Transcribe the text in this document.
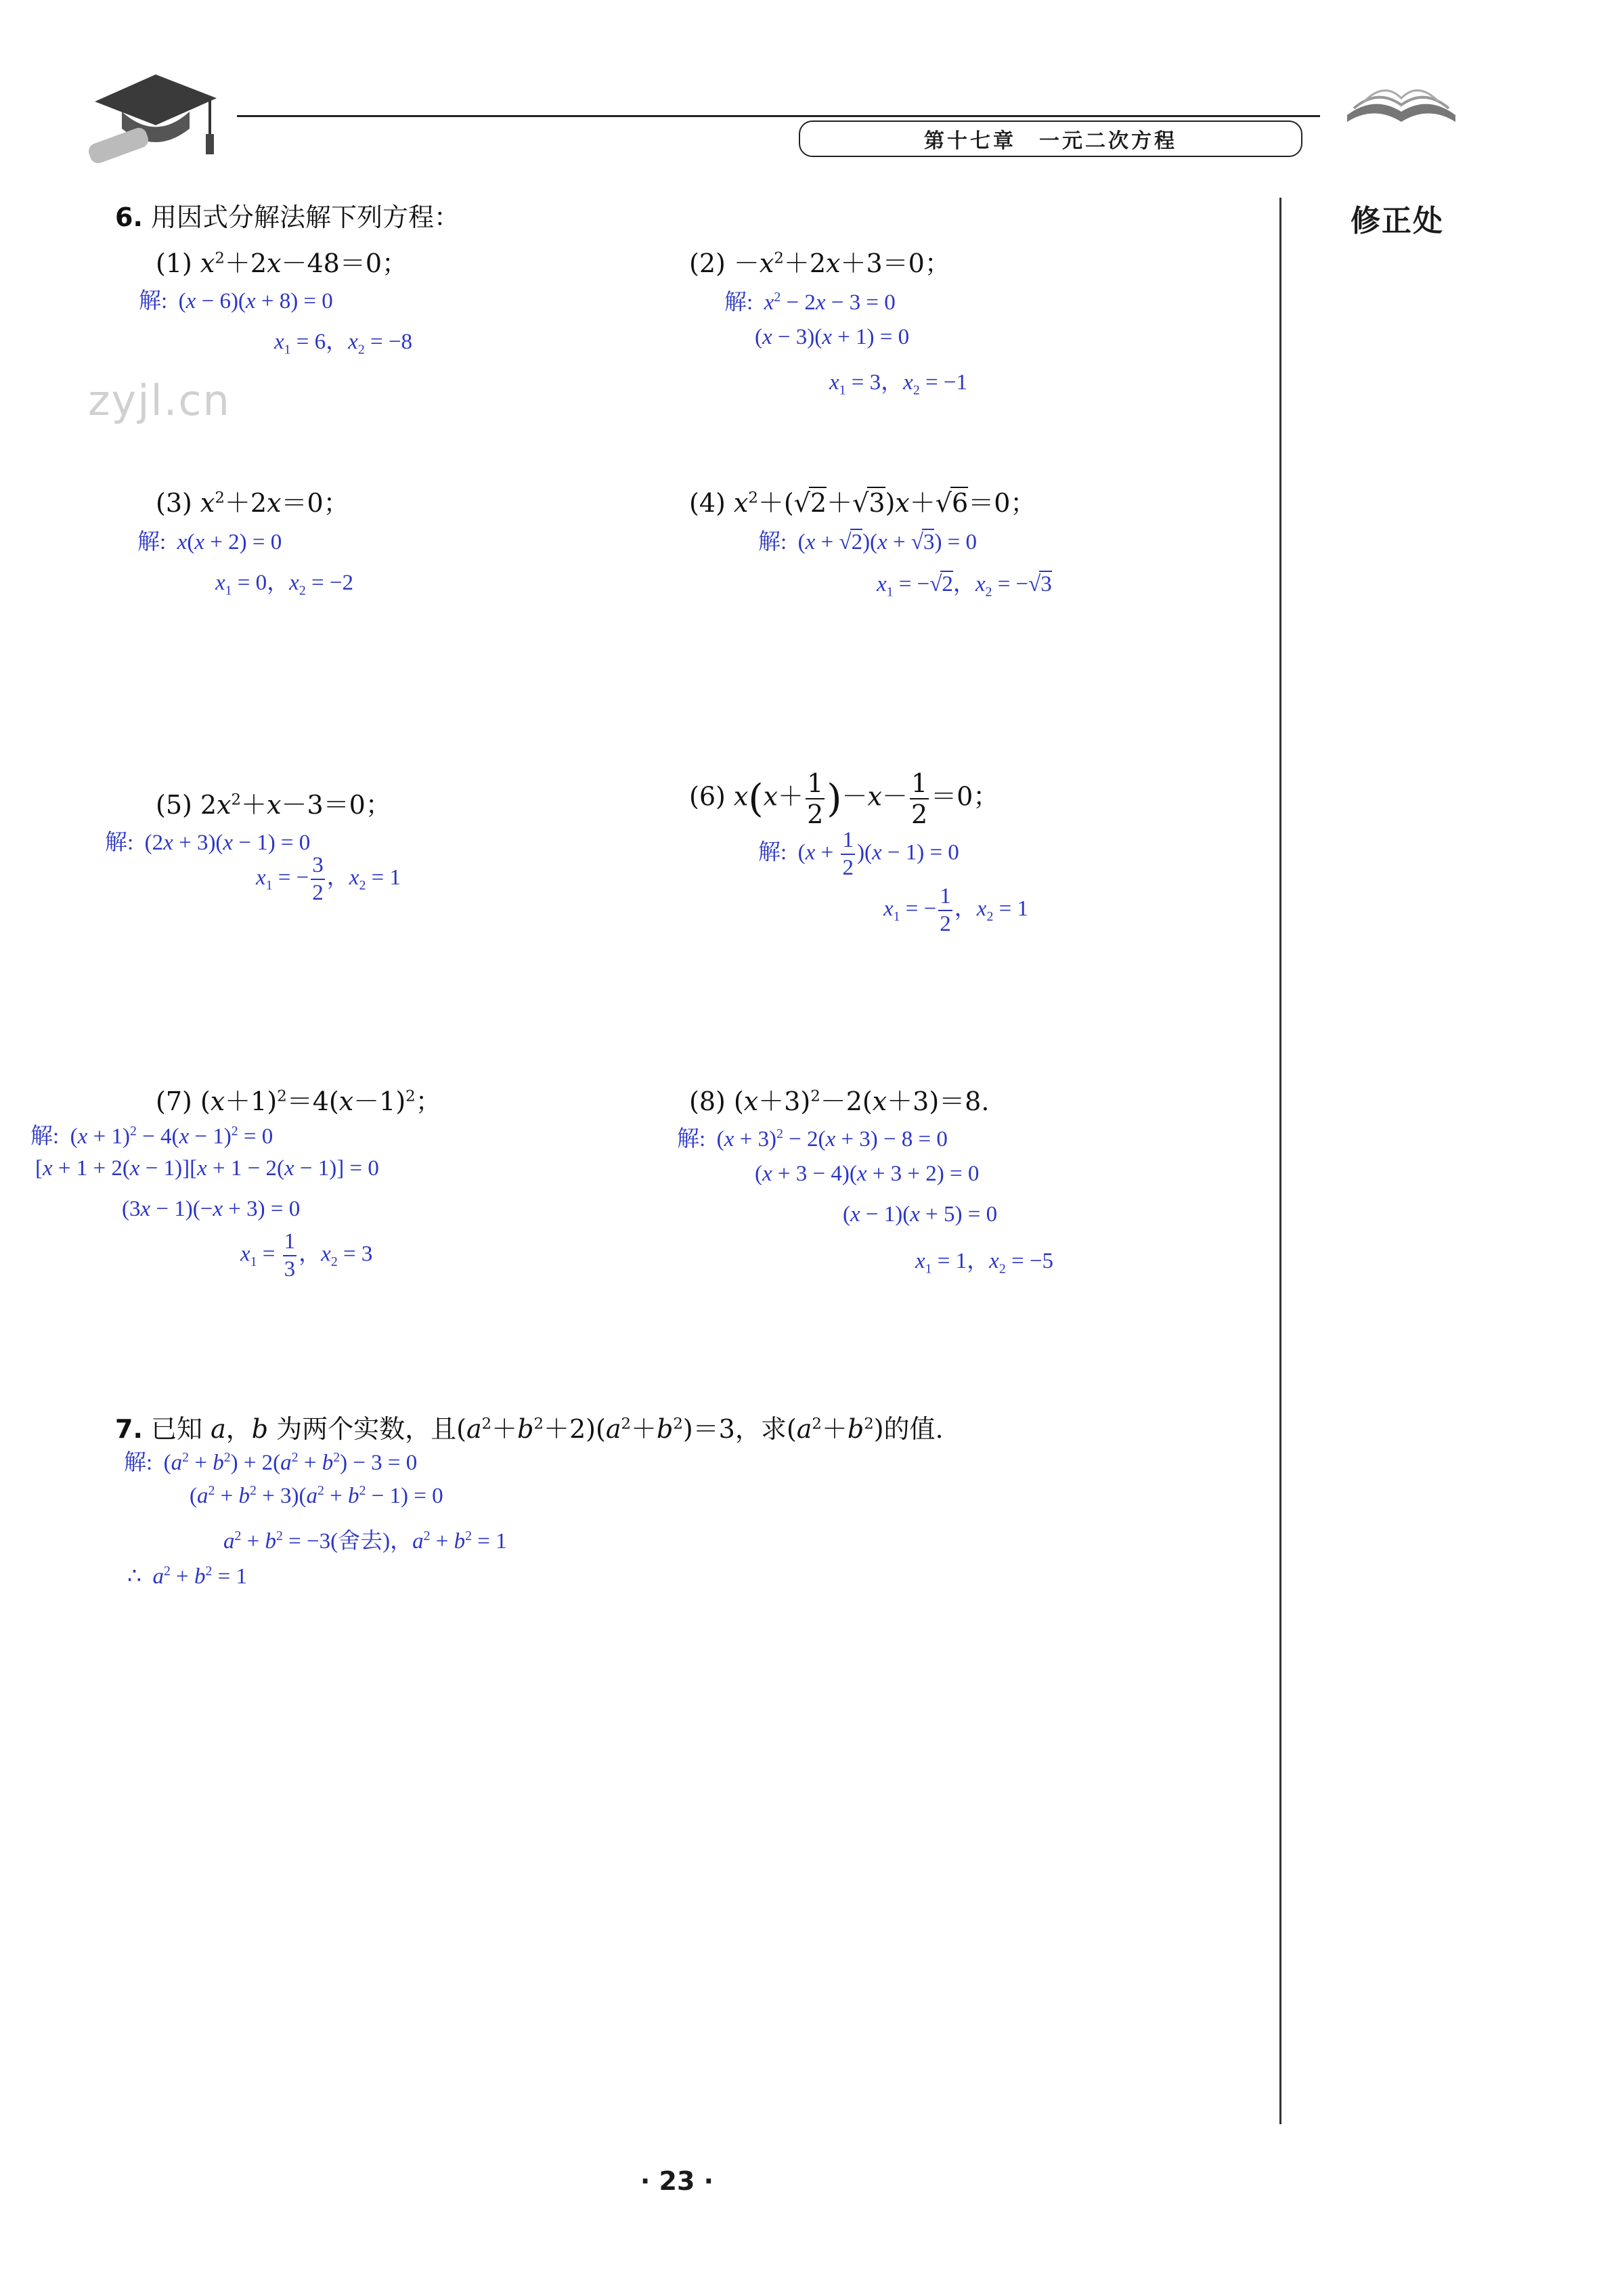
第十七章　一元二次方程
修正处
zyjl.cn
6. 用因式分解法解下列方程：
(1) $x^2+2x-48=0$；
解:  (x − 6)(x + 8) = 0
$x_1 = 6$，$x_2 = -8$
$(2) -x^2+2x+3=0$；
解: $x^2 - 2x - 3 = 0$
(x − 3)(x + 1) = 0
$x_1 = 3$，$x_2 = -1$
(3) $x^2+2x=0$；
解: x(x + 2) = 0
$x_1 = 0$，$x_2 = -2$
(4) $x^2+(√2+√3)x+√6=0$；
解:  (x + √2)(x + √3) = 0
$x_1 = -√2$，$x_2 = -√3$
(5) $2x^2+x-3=0$；
解:  (2x + 3)(x − 1) = 0
$x_1$ = − $\frac{3}{2}$ ，$x_2 = 1$
(6) $x(x+ \frac{1}{2} )-x- \frac{1}{2} =0$；
解:  $(x + \frac{1}{2} )(x - 1) = 0$
$x_1$ = − $\frac{1}{2}$ ，$x_2 = 1$
(7) $(x+1)^2=4(x-1)^2$；
解:  $(x + 1)^2 - 4(x - 1)^2 = 0$
[x + 1 + 2(x − 1)][x + 1 − 2(x − 1)] = 0
(3x − 1)(−x + 3) = 0
$x_1 = \frac{1}{3}$ ，$x_2 = 3$
(8) $(x+3)^2-2(x+3)=8$.
解:  $(x + 3)^2 - 2(x + 3) - 8 = 0$
(x + 3 − 4)(x + 3 + 2) = 0
(x − 1)(x + 5) = 0
$x_1 = 1$，$x_2 = -5$
7. 已知 a，b 为两个实数，且$(a^2+b^2+2)(a^2+b^2)=3$，求$(a^2+b^2)$的值.
解:  $(a^2 + b^2) + 2(a^2 + b^2) - 3 = 0$
$(a^2 + b^2 + 3)(a^2 + b^2 - 1) = 0$
$a^2 + b^2 = -3$(舍去)，$a^2 + b^2 = 1$
∴ $a^2 + b^2 = 1$
· 23 ·
